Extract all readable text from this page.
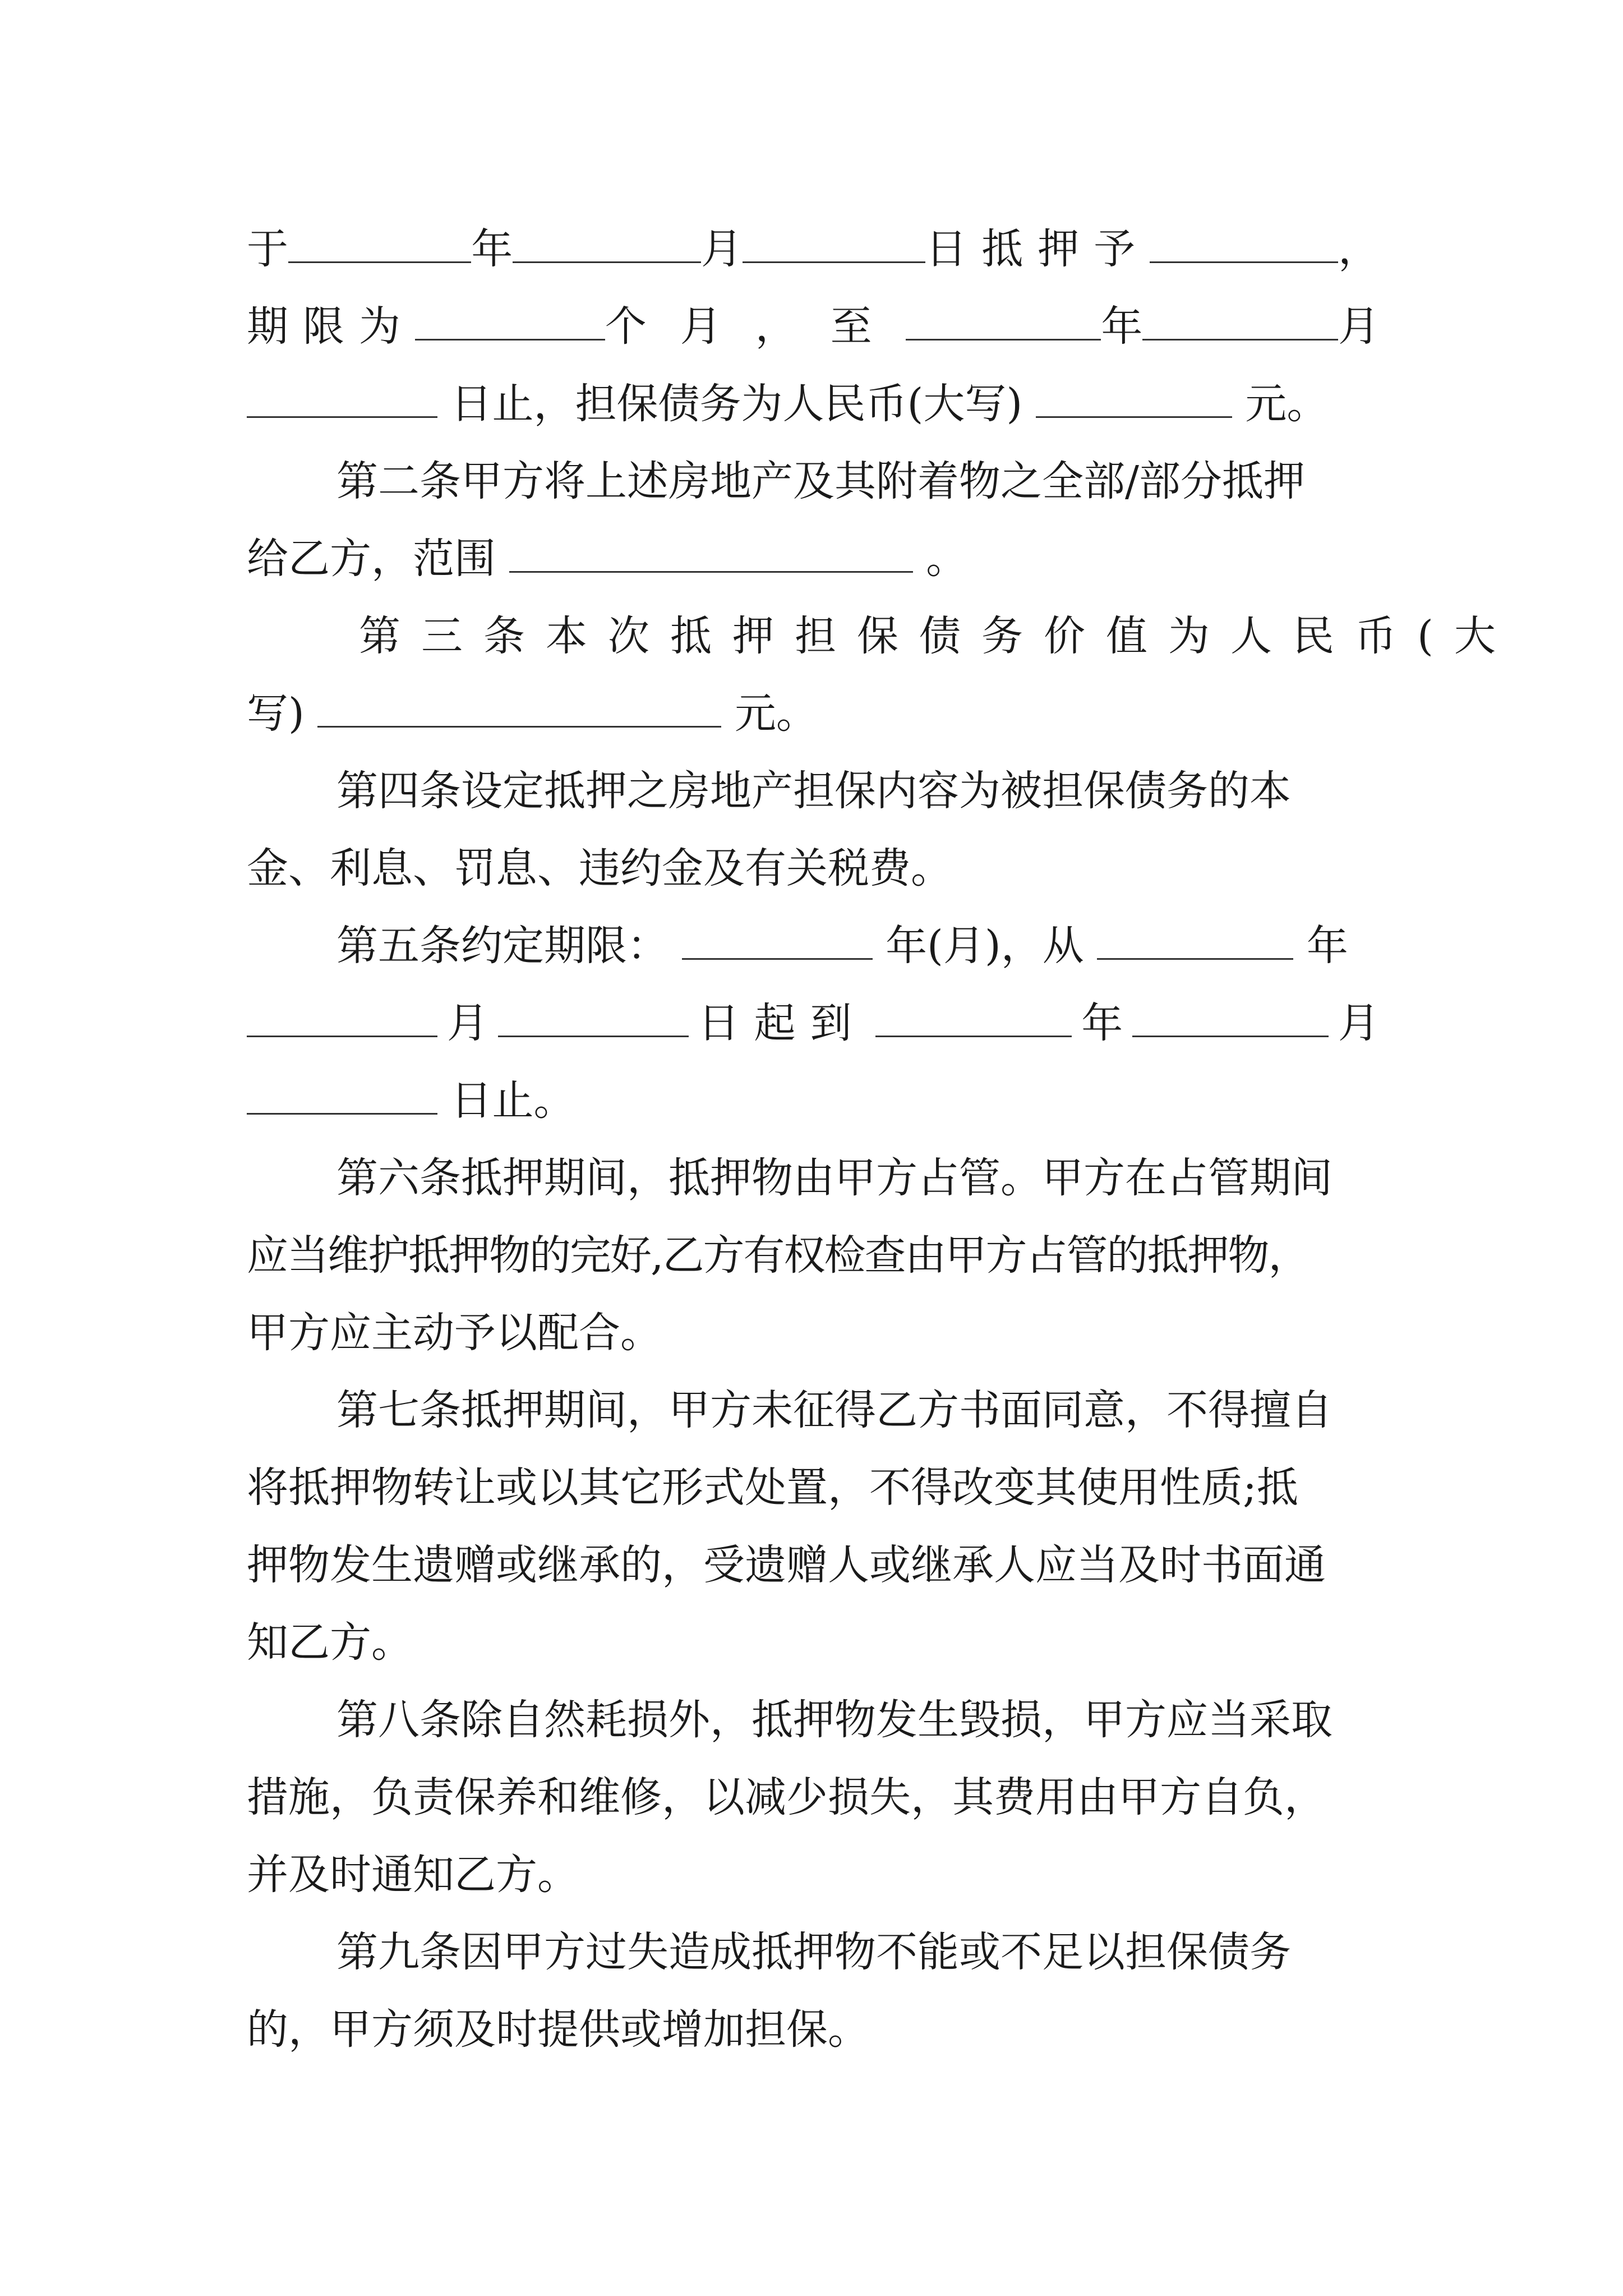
于	年	月	日抵押予	，
期限为	个月，至	年	月
日止，担保债务为人民币(大写)	元。
第二条甲方将上述房地产及其附着物之全部/部分抵押
给乙方，范围	。
第三条本次抵押担保债务价值为人民币(大
写)	元。
第四条设定抵押之房地产担保内容为被担保债务的本
金、利息、罚息、违约金及有关税费。
第五条约定期限：	年(月)，从	年
月	日起到	年	月
日止。
第六条抵押期间，抵押物由甲方占管。甲方在占管期间
应当维护抵押物的完好,乙方有权检查由甲方占管的抵押物，
甲方应主动予以配合。
第七条抵押期间，甲方未征得乙方书面同意，不得擅自
将抵押物转让或以其它形式处置，不得改变其使用性质;抵
押物发生遗赠或继承的，受遗赠人或继承人应当及时书面通
知乙方。
第八条除自然耗损外，抵押物发生毁损，甲方应当采取
措施，负责保养和维修，以减少损失，其费用由甲方自负，
并及时通知乙方。
第九条因甲方过失造成抵押物不能或不足以担保债务
的，甲方须及时提供或增加担保。
